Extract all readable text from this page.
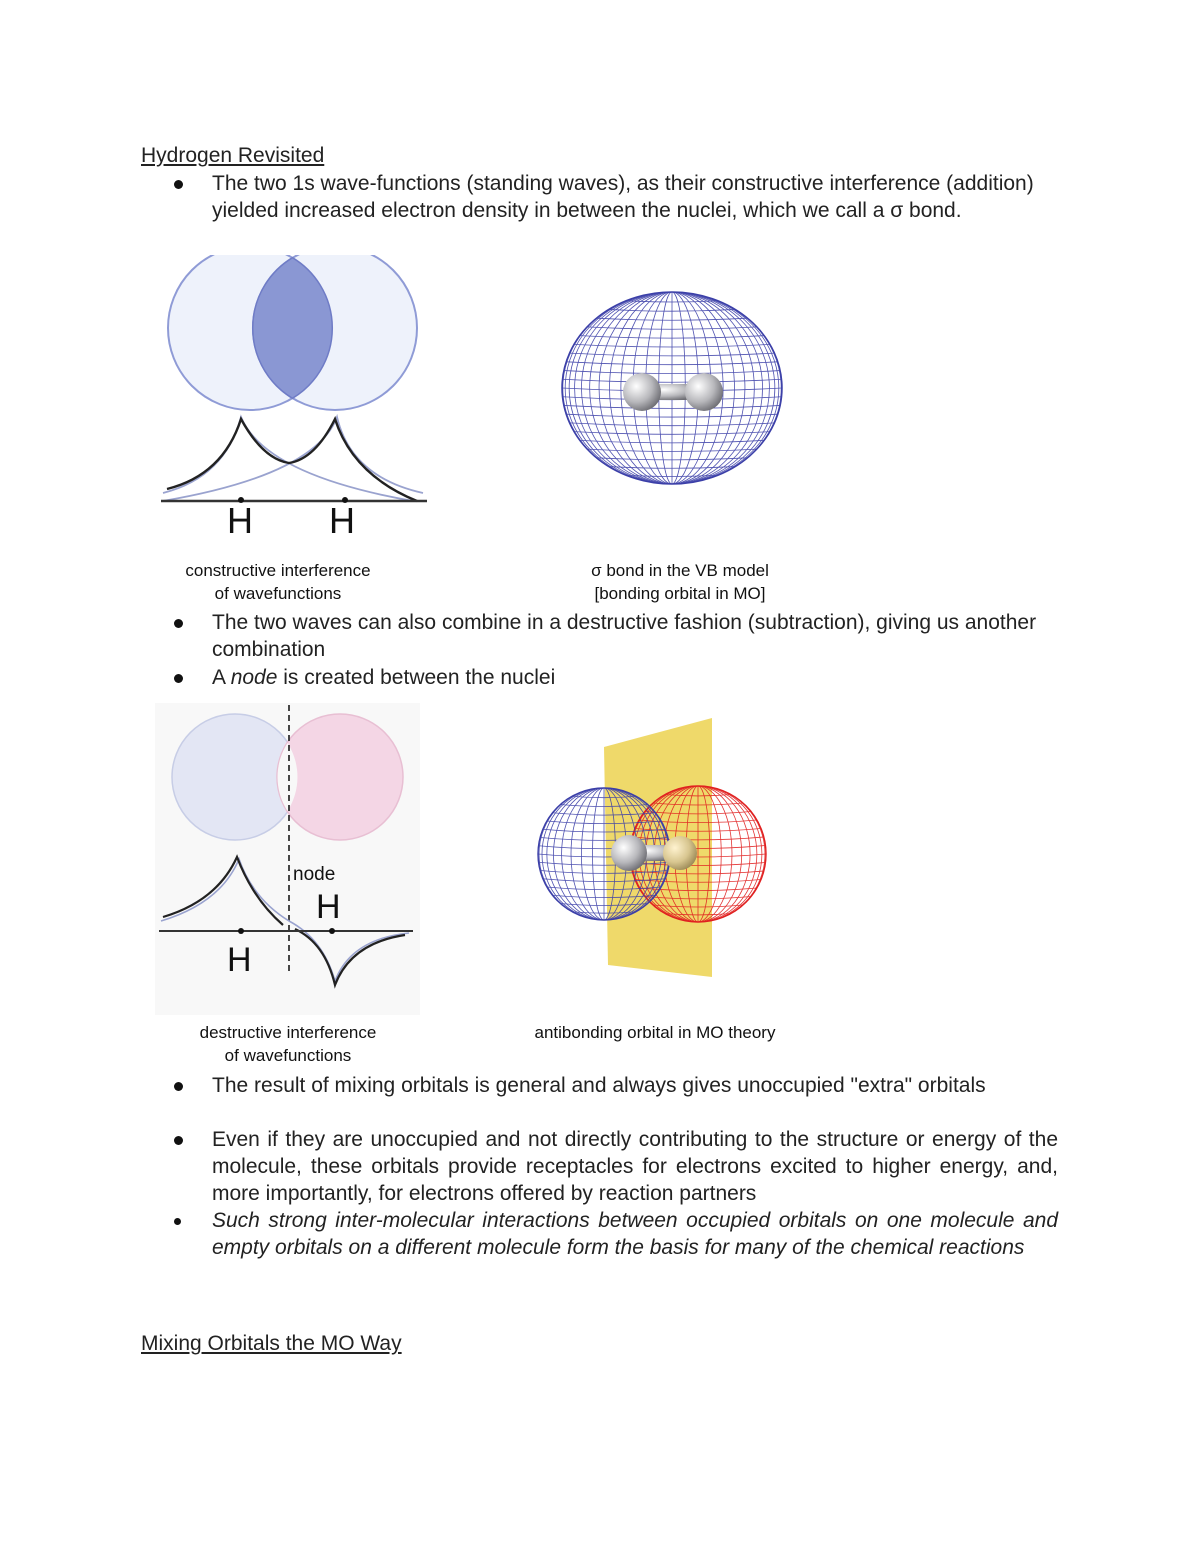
Hydrogen Revisited
The two 1s wave-functions (standing waves), as their constructive interference (addition) yielded increased electron density in between the nuclei, which we call a σ bond.
H H
constructive interference
of wavefunctions
σ bond in the VB model
[bonding orbital in MO]
The two waves can also combine in a destructive fashion (subtraction), giving us another combination
A node is created between the nuclei
node
H
H
destructive interference
of wavefunctions
antibonding orbital in MO theory
The result of mixing orbitals is general and always gives unoccupied "extra" orbitals
Even if they are unoccupied and not directly contributing to the structure or energy of the molecule, these orbitals provide receptacles for electrons excited to higher energy, and, more importantly, for electrons offered by reaction partners
Such strong inter-molecular interactions between occupied orbitals on one molecule and empty orbitals on a different molecule form the basis for many of the chemical reactions
Mixing Orbitals the MO Way
